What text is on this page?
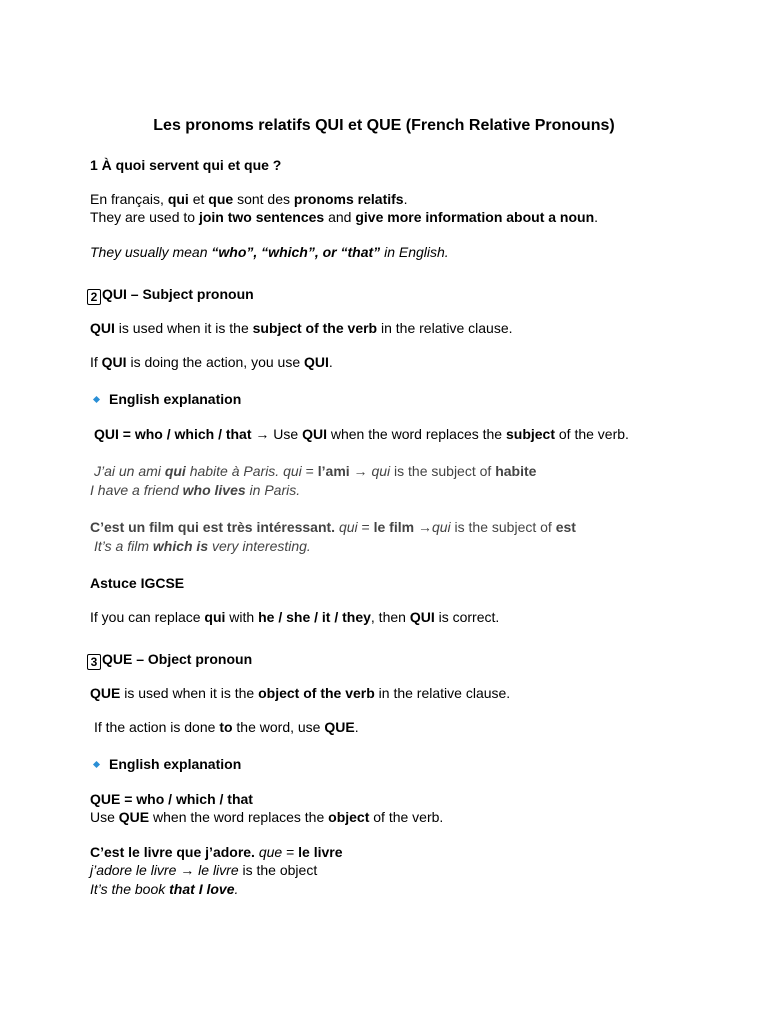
Les pronoms relatifs QUI et QUE (French Relative Pronouns)
1 À quoi servent qui et que ?
En français, qui et que sont des pronoms relatifs.
They are used to join two sentences and give more information about a noun.
They usually mean “who”, “which”, or “that” in English.
2 QUI – Subject pronoun
QUI is used when it is the subject of the verb in the relative clause.
If QUI is doing the action, you use QUI.
English explanation
QUI = who / which / that → Use QUI when the word replaces the subject of the verb.
J’ai un ami qui habite à Paris. qui = l’ami → qui is the subject of habite
I have a friend who lives in Paris.
C’est un film qui est très intéressant. qui = le film →qui is the subject of est
It’s a film which is very interesting.
Astuce IGCSE
If you can replace qui with he / she / it / they, then QUI is correct.
3 QUE – Object pronoun
QUE is used when it is the object of the verb in the relative clause.
If the action is done to the word, use QUE.
English explanation
QUE = who / which / that
Use QUE when the word replaces the object of the verb.
C’est le livre que j’adore. que = le livre
j’adore le livre → le livre is the object
It’s the book that I love.
